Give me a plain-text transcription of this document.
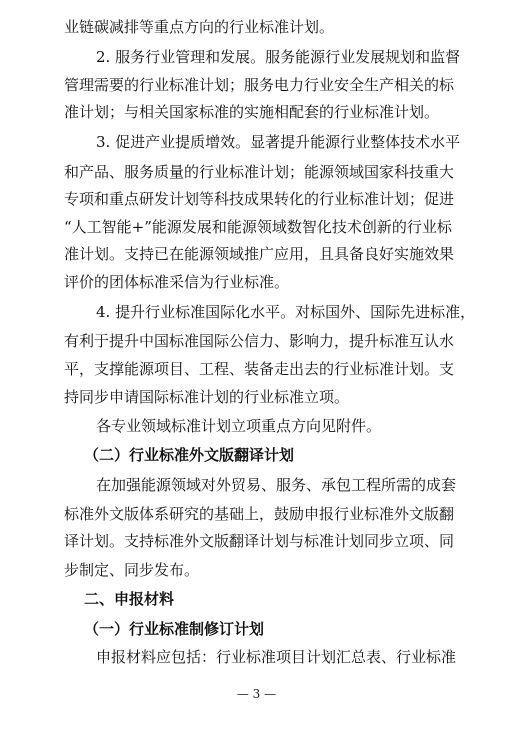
业链碳减排等重点方向的行业标准计划。
2. 服务行业管理和发展。服务能源行业发展规划和监督
管理需要的行业标准计划；服务电力行业安全生产相关的标
准计划；与相关国家标准的实施相配套的行业标准计划。
3. 促进产业提质增效。显著提升能源行业整体技术水平
和产品、服务质量的行业标准计划；能源领域国家科技重大
专项和重点研发计划等科技成果转化的行业标准计划；促进
“人工智能+”能源发展和能源领域数智化技术创新的行业标
准计划。支持已在能源领域推广应用，且具备良好实施效果
评价的团体标准采信为行业标准。
4. 提升行业标准国际化水平。对标国外、国际先进标准，
有利于提升中国标准国际公信力、影响力，提升标准互认水
平，支撑能源项目、工程、装备走出去的行业标准计划。支
持同步申请国际标准计划的行业标准立项。
各专业领域标准计划立项重点方向见附件。
（二）行业标准外文版翻译计划
在加强能源领域对外贸易、服务、承包工程所需的成套
标准外文版体系研究的基础上，鼓励申报行业标准外文版翻
译计划。支持标准外文版翻译计划与标准计划同步立项、同
步制定、同步发布。
二、申报材料
（一）行业标准制修订计划
申报材料应包括：行业标准项目计划汇总表、行业标准
— 3 —
